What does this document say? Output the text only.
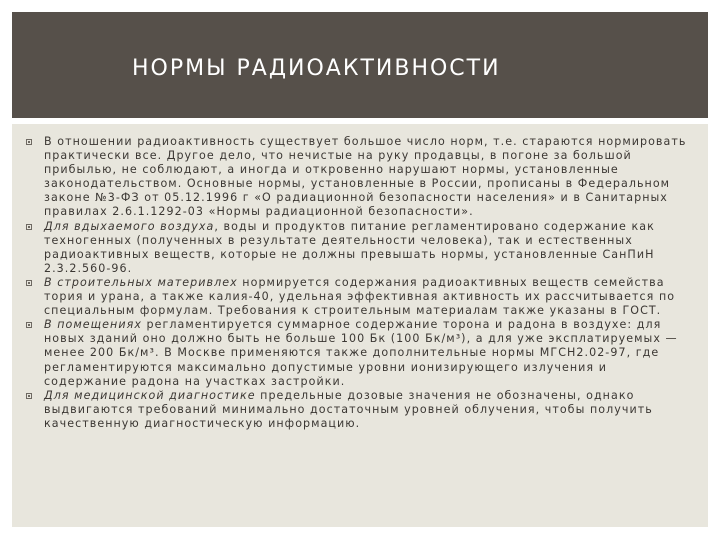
НОРМЫ РАДИОАКТИВНОСТИ
В отношении радиоактивность существует большое число норм, т.е. стараются нормировать практически все. Другое дело, что нечистые на руку продавцы, в погоне за большой прибылью, не соблюдают, а иногда и откровенно нарушают нормы, установленные законодательством. Основные нормы, установленные в России, прописаны в Федеральном законе №3-ФЗ от 05.12.1996 г «О радиационной безопасности населения» и в Санитарных правилах 2.6.1.1292-03 «Нормы радиационной безопасности».
Для вдыхаемого воздуха, воды и продуктов питание регламентировано содержание как техногенных (полученных в результате деятельности человека), так и естественных радиоактивных веществ, которые не должны превышать нормы, установленные СанПиН 2.3.2.560-96.
В строительных материвлех нормируется содержания радиоактивных веществ семейства тория и урана, а также калия-40, удельная эффективная активность их рассчитывается по специальным формулам. Требования к строительным материалам также указаны в ГОСТ.
В помещениях регламентируется суммарное содержание торона и радона в воздухе: для новых зданий оно должно быть не больше 100 Бк (100 Бк/м³), а для уже эксплатируемых — менее 200 Бк/м³. В Москве применяются также дополнительные нормы МГСН2.02-97, где регламентируются максимально допустимые уровни ионизирующего излучения и содержание радона на участках застройки.
Для медицинской диагностике предельные дозовые значения не обозначены, однако выдвигаются требований минимально достаточным уровней облучения, чтобы получить качественную диагностическую информацию.
